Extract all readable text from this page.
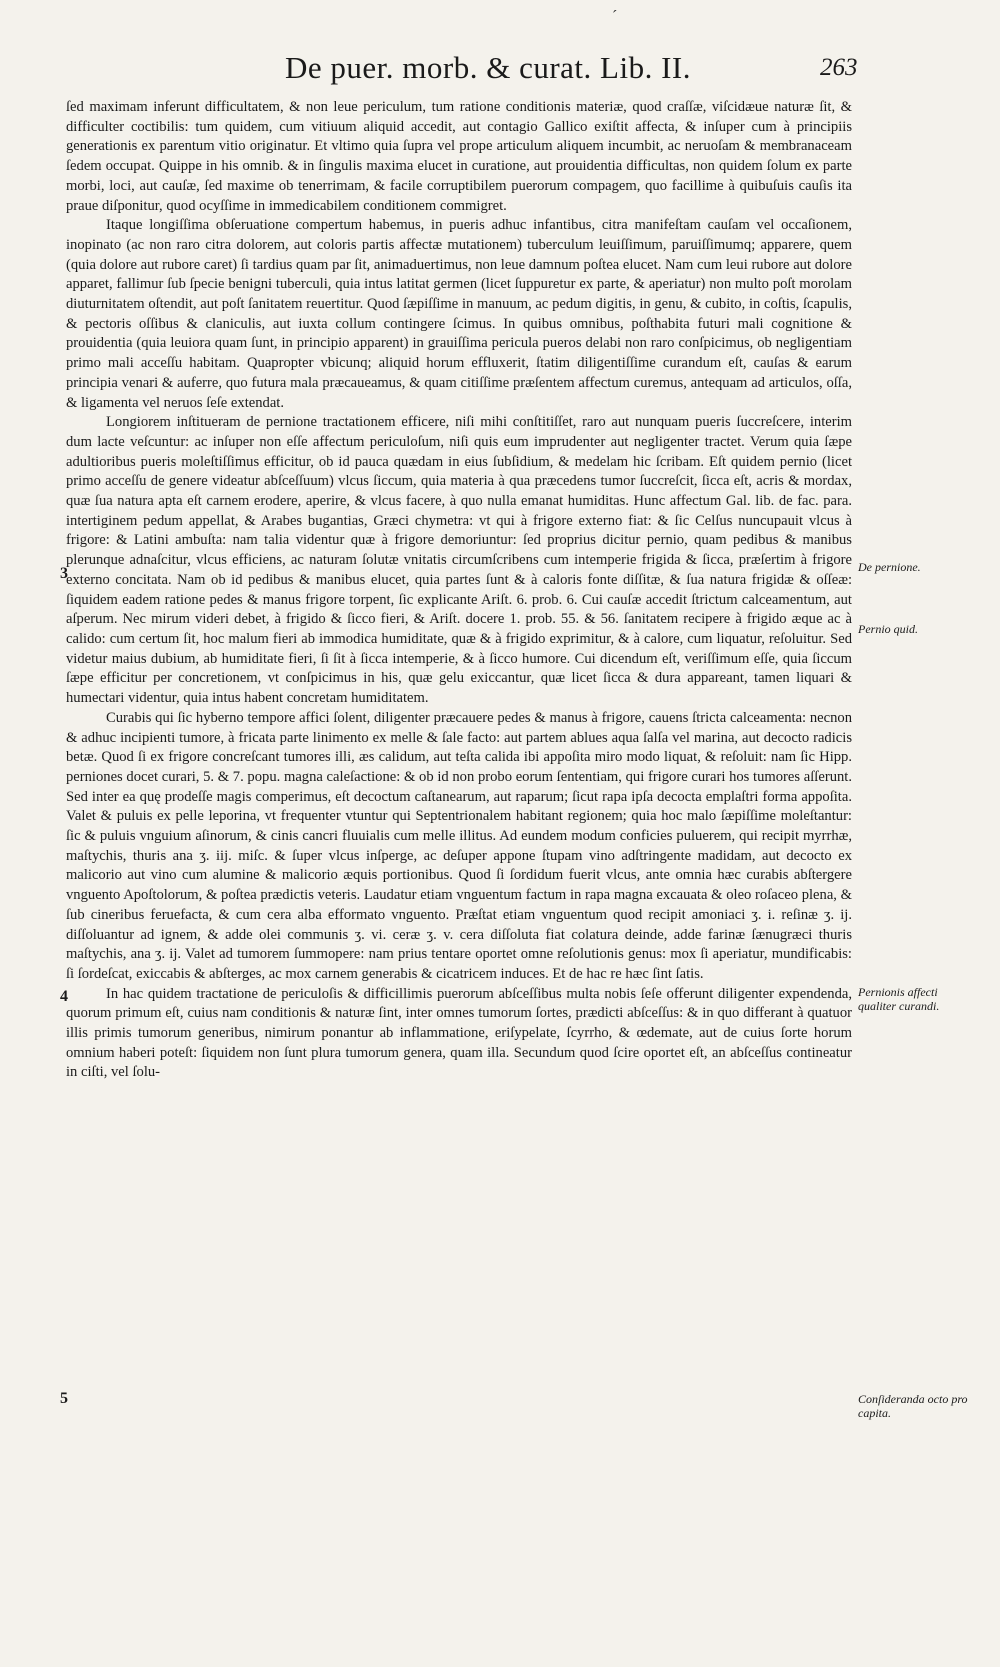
De puer. morb. & curat. Lib. II.	263
´

ſed maximam inferunt difficultatem, & non leue periculum, tum ratione conditionis materiæ, quod craſſæ, viſcidæue naturæ ſit, & difficulter coctibilis: tum quidem, cum vitiuum aliquid accedit, aut contagio Gallico exiſtit affecta, & inſuper cum à principiis generationis ex parentum vitio originatur. Et vltimo quia ſupra vel prope articulum aliquem incumbit, ac neruoſam & membranaceam ſedem occupat. Quippe in his omnib. & in ſingulis maxima elucet in curatione, aut prouidentia difficultas, non quidem ſolum ex parte morbi, loci, aut cauſæ, ſed maxime ob tenerrimam, & facile corruptibilem puerorum compagem, quo facillime à quibuſuis cauſis ita praue diſponitur, quod ocyſſime in immedicabilem conditionem commigret.

Itaque longiſſima obſeruatione compertum habemus, in pueris adhuc infantibus, citra manifeſtam cauſam vel occaſionem, inopinato (ac non raro citra dolorem, aut coloris partis affectæ mutationem) tuberculum leuiſſimum, paruiſſimumq; apparere, quem (quia dolore aut rubore caret) ſi tardius quam par ſit, animaduertimus, non leue damnum poſtea elucet. Nam cum leui rubore aut dolore apparet, fallimur ſub ſpecie benigni tuberculi, quia intus latitat germen (licet ſuppuretur ex parte, & aperiatur) non multo poſt morolam diuturnitatem oſtendit, aut poſt ſanitatem reuertitur. Quod ſæpiſſime in manuum, ac pedum digitis, in genu, & cubito, in coſtis, ſcapulis, & pectoris oſſibus & claniculis, aut iuxta collum contingere ſcimus. In quibus omnibus, poſthabita futuri mali cognitione & prouidentia (quia leuiora quam ſunt, in principio apparent) in grauiſſima pericula pueros delabi non raro conſpicimus, ob negligentiam primo mali acceſſu habitam. Quapropter vbicunq; aliquid horum effluxerit, ſtatim diligentiſſime curandum eſt, cauſas & earum principia venari & auferre, quo futura mala præcaueamus, & quam citiſſime præſentem affectum curemus, antequam ad articulos, oſſa, & ligamenta vel neruos ſeſe extendat.

Longiorem inſtitueram de pernione tractationem efficere, niſi mihi conſtitiſſet, raro aut nunquam pueris ſuccreſcere, interim dum lacte veſcuntur: ac inſuper non eſſe affectum periculoſum, niſi quis eum imprudenter aut negligenter tractet. Verum quia ſæpe adultioribus pueris moleſtiſſimus efficitur, ob id pauca quædam in eius ſubſidium, & medelam hic ſcribam. Eſt quidem pernio (licet primo acceſſu de genere videatur abſceſſuum) vlcus ſiccum, quia materia à qua præcedens tumor ſuccreſcit, ſicca eſt, acris & mordax, quæ ſua natura apta eſt carnem erodere, aperire, & vlcus facere, à quo nulla emanat humiditas. Hunc affectum Gal. lib. de fac. para. intertiginem pedum appellat, & Arabes bugantias, Græci chymetra: vt qui à frigore externo fiat: & ſic Celſus nuncupauit vlcus à frigore: & Latini ambuſta: nam talia videntur quæ à frigore demoriuntur: ſed proprius dicitur pernio, quam pedibus & manibus plerunque adnaſcitur, vlcus efficiens, ac naturam ſolutæ vnitatis circumſcribens cum intemperie frigida & ſicca, præſertim à frigore externo concitata. Nam ob id pedibus & manibus elucet, quia partes ſunt & à caloris fonte diſſitæ, & ſua natura frigidæ & oſſeæ: ſiquidem eadem ratione pedes & manus frigore torpent, ſic explicante Ariſt. 6. prob. 6. Cui cauſæ accedit ſtrictum calceamentum, aut aſperum. Nec mirum videri debet, à frigido & ſicco fieri, & Ariſt. docere 1. prob. 55. & 56. ſanitatem recipere à frigido æque ac à calido: cum certum ſit, hoc malum fieri ab immodica humiditate, quæ & à frigido exprimitur, & à calore, cum liquatur, reſoluitur. Sed videtur maius dubium, ab humiditate fieri, ſi ſit à ſicca intemperie, & à ſicco humore. Cui dicendum eſt, veriſſimum eſſe, quia ſiccum ſæpe efficitur per concretionem, vt conſpicimus in his, quæ gelu exiccantur, quæ licet ſicca & dura appareant, tamen liquari & humectari videntur, quia intus habent concretam humiditatem.

Curabis qui ſic hyberno tempore affici ſolent, diligenter præcauere pedes & manus à frigore, cauens ſtricta calceamenta: necnon & adhuc incipienti tumore, à fricata parte linimento ex melle & ſale facto: aut partem ablues aqua ſalſa vel marina, aut decocto radicis betæ. Quod ſi ex frigore concreſcant tumores illi, æs calidum, aut teſta calida ibi appoſita miro modo liquat, & reſoluit: nam ſic Hipp. perniones docet curari, 5. & 7. popu. magna caleſactione: & ob id non probo eorum ſententiam, qui frigore curari hos tumores aſſerunt. Sed inter ea quę prodeſſe magis comperimus, eſt decoctum caſtanearum, aut raparum; ſicut rapa ipſa decocta emplaſtri forma appoſita. Valet & puluis ex pelle leporina, vt frequenter vtuntur qui Septentrionalem habitant regionem; quia hoc malo ſæpiſſime moleſtantur: ſic & puluis vnguium aſinorum, & cinis cancri fluuialis cum melle illitus. Ad eundem modum conficies puluerem, qui recipit myrrhæ, maſtychis, thuris ana ʒ. iij. miſc. & ſuper vlcus inſperge, ac deſuper appone ſtupam vino adſtringente madidam, aut decocto ex malicorio aut vino cum alumine & malicorio æquis portionibus. Quod ſi ſordidum fuerit vlcus, ante omnia hæc curabis abſtergere vnguento Apoſtolorum, & poſtea prædictis veteris. Laudatur etiam vnguentum factum in rapa magna excauata & oleo roſaceo plena, & ſub cineribus feruefacta, & cum cera alba efformato vnguento. Præſtat etiam vnguentum quod recipit amoniaci ʒ. i. reſinæ ʒ. ij. diſſoluantur ad ignem, & adde olei communis ʒ. vi. ceræ ʒ. v. cera diſſoluta fiat colatura deinde, adde farinæ ſænugræci thuris maſtychis, ana ʒ. ij. Valet ad tumorem ſummopere: nam prius tentare oportet omne reſolutionis genus: mox ſi aperiatur, mundificabis: ſi ſordeſcat, exiccabis & abſterges, ac mox carnem generabis & cicatricem induces. Et de hac re hæc ſint ſatis.

In hac quidem tractatione de periculoſis & difficillimis puerorum abſceſſibus multa nobis ſeſe offerunt diligenter expendenda, quorum primum eſt, cuius nam conditionis & naturæ ſint, inter omnes tumorum ſortes, prædicti abſceſſus: & in quo differant à quatuor illis primis tumorum generibus, nimirum ponantur ab inflammatione, eriſypelate, ſcyrrho, & œdemate, aut de cuius ſorte horum omnium haberi poteſt: ſiquidem non ſunt plura tumorum genera, quam illa. Secundum quod ſcire oportet eſt, an abſceſſus contineatur in ciſti, vel ſolu-

3
4
5
De pernione.
Pernio quid.
Pernionis affecti qualiter curandi.
Conſideranda octo pro capita.
